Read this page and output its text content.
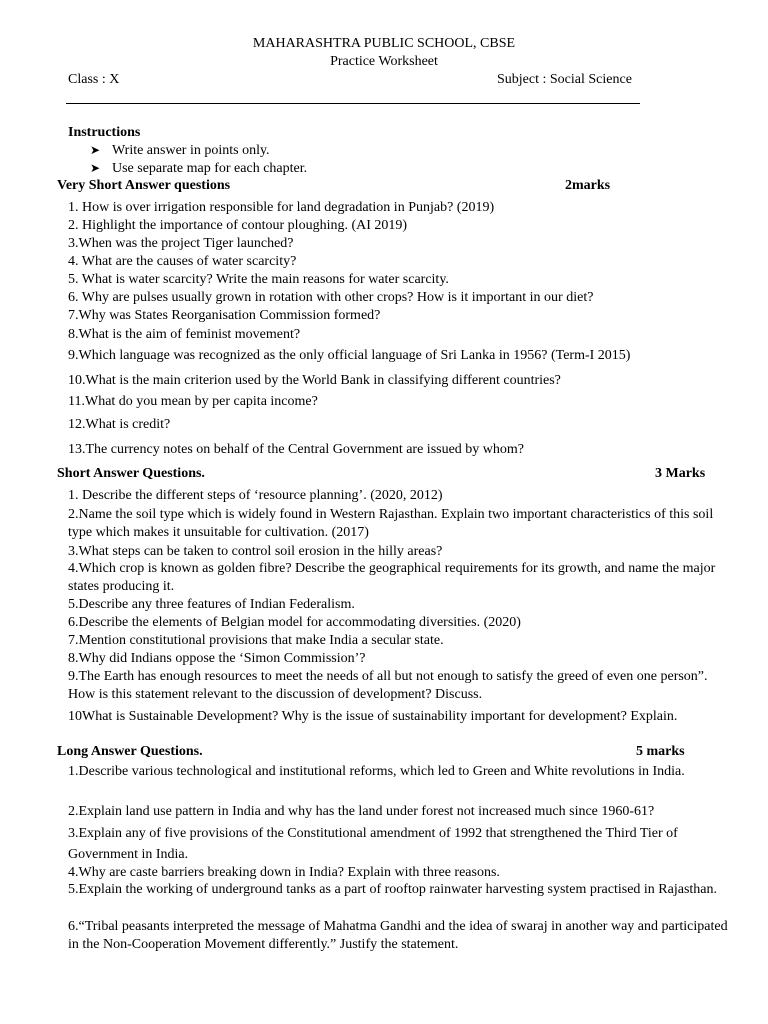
MAHARASHTRA PUBLIC SCHOOL, CBSE
Practice Worksheet
Class : X	Subject : Social Science
Instructions
➤ Write answer in points only.
➤ Use separate map for each chapter.
Very Short Answer questions	2marks
1. How is over irrigation responsible for land degradation in Punjab? (2019)
2. Highlight the importance of contour ploughing. (AI 2019)
3.When was the project Tiger launched?
4. What are the causes of water scarcity?
5. What is water scarcity? Write the main reasons for water scarcity.
6. Why are pulses usually grown in rotation with other crops? How is it important in our diet?
7.Why was States Reorganisation Commission formed?
8.What is the aim of feminist movement?
9.Which language was recognized as the only official language of Sri Lanka in 1956? (Term-I 2015)
10.What is the main criterion used by the World Bank in classifying different countries?
11.What do you mean by per capita income?
12.What is credit?
13.The currency notes on behalf of the Central Government are issued by whom?
Short Answer Questions.	3 Marks
1. Describe the different steps of ‘resource planning’. (2020, 2012)
2.Name the soil type which is widely found in Western Rajasthan. Explain two important characteristics of this soil type which makes it unsuitable for cultivation. (2017)
3.What steps can be taken to control soil erosion in the hilly areas?
4.Which crop is known as golden fibre? Describe the geographical requirements for its growth, and name the major states producing it.
5.Describe any three features of Indian Federalism.
6.Describe the elements of Belgian model for accommodating diversities. (2020)
7.Mention constitutional provisions that make India a secular state.
8.Why did Indians oppose the ‘Simon Commission’?
9.The Earth has enough resources to meet the needs of all but not enough to satisfy the greed of even one person”. How is this statement relevant to the discussion of development? Discuss.
10What is Sustainable Development? Why is the issue of sustainability important for development? Explain.
Long Answer Questions.	5 marks
1.Describe various technological and institutional reforms, which led to Green and White revolutions in India.
2.Explain land use pattern in India and why has the land under forest not increased much since 1960-61?
3.Explain any of five provisions of the Constitutional amendment of 1992 that strengthened the Third Tier of Government in India.
4.Why are caste barriers breaking down in India? Explain with three reasons.
5.Explain the working of underground tanks as a part of rooftop rainwater harvesting system practised in Rajasthan.
6.“Tribal peasants interpreted the message of Mahatma Gandhi and the idea of swaraj in another way and participated in the Non-Cooperation Movement differently.” Justify the statement.
